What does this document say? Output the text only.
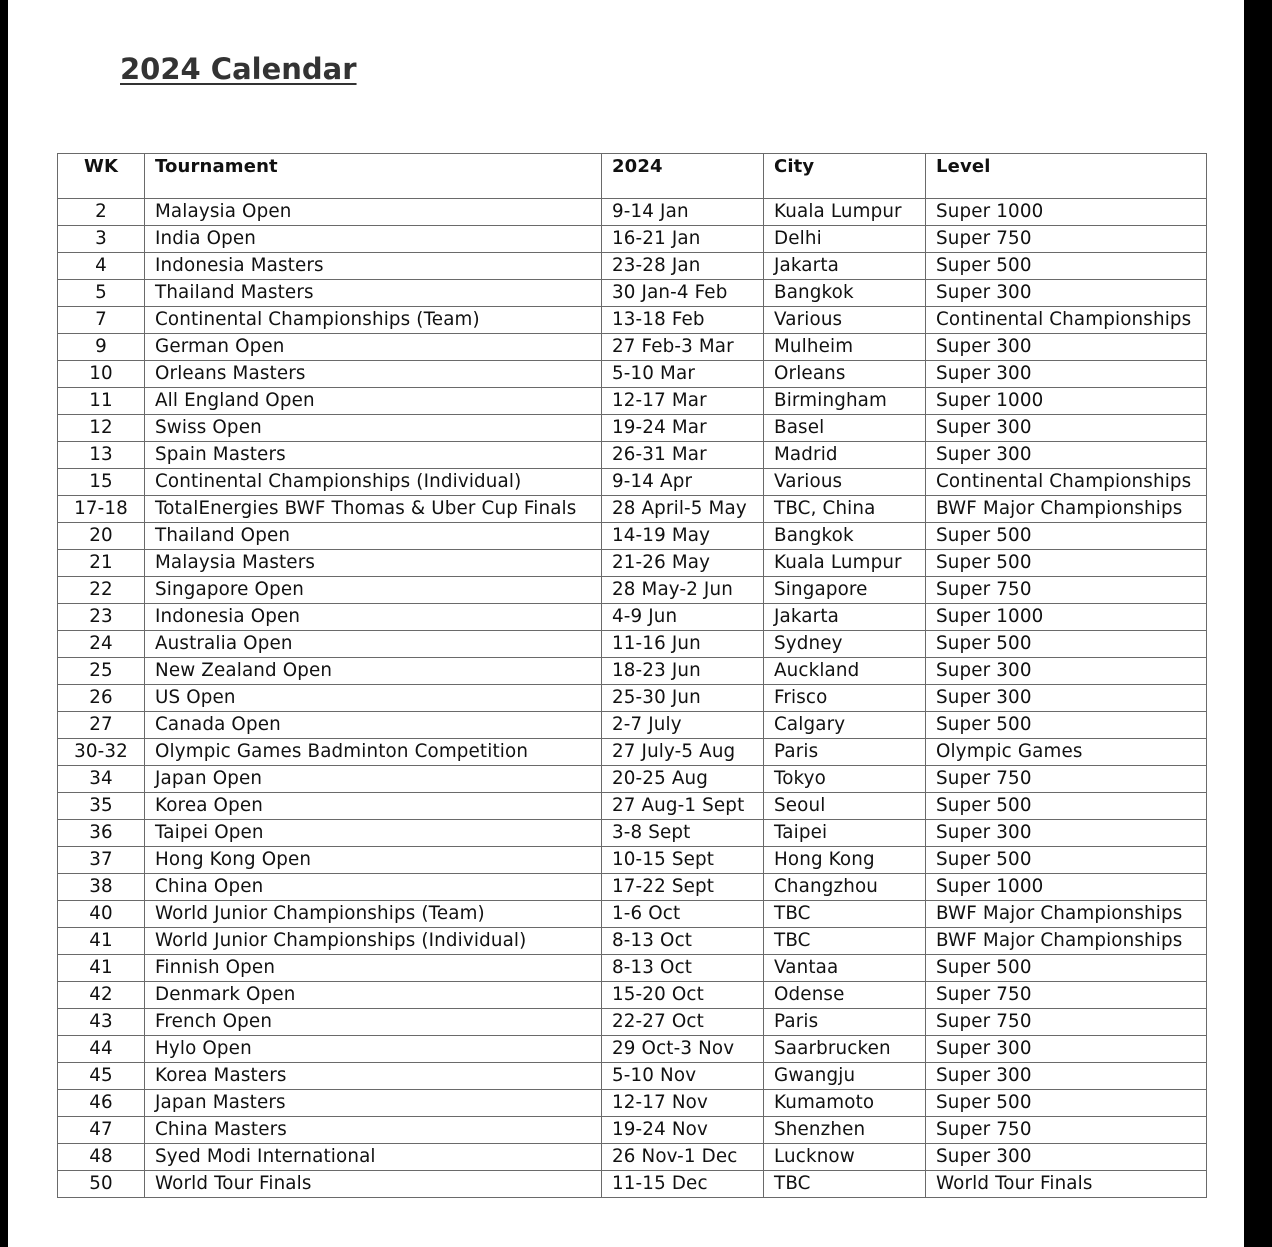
2024 Calendar
WK	Tournament	2024	City	Level
2	Malaysia Open	9-14 Jan	Kuala Lumpur	Super 1000
3	India Open	16-21 Jan	Delhi	Super 750
4	Indonesia Masters	23-28 Jan	Jakarta	Super 500
5	Thailand Masters	30 Jan-4 Feb	Bangkok	Super 300
7	Continental Championships (Team)	13-18 Feb	Various	Continental Championships
9	German Open	27 Feb-3 Mar	Mulheim	Super 300
10	Orleans Masters	5-10 Mar	Orleans	Super 300
11	All England Open	12-17 Mar	Birmingham	Super 1000
12	Swiss Open	19-24 Mar	Basel	Super 300
13	Spain Masters	26-31 Mar	Madrid	Super 300
15	Continental Championships (Individual)	9-14 Apr	Various	Continental Championships
17-18	TotalEnergies BWF Thomas & Uber Cup Finals	28 April-5 May	TBC, China	BWF Major Championships
20	Thailand Open	14-19 May	Bangkok	Super 500
21	Malaysia Masters	21-26 May	Kuala Lumpur	Super 500
22	Singapore Open	28 May-2 Jun	Singapore	Super 750
23	Indonesia Open	4-9 Jun	Jakarta	Super 1000
24	Australia Open	11-16 Jun	Sydney	Super 500
25	New Zealand Open	18-23 Jun	Auckland	Super 300
26	US Open	25-30 Jun	Frisco	Super 300
27	Canada Open	2-7 July	Calgary	Super 500
30-32	Olympic Games Badminton Competition	27 July-5 Aug	Paris	Olympic Games
34	Japan Open	20-25 Aug	Tokyo	Super 750
35	Korea Open	27 Aug-1 Sept	Seoul	Super 500
36	Taipei Open	3-8 Sept	Taipei	Super 300
37	Hong Kong Open	10-15 Sept	Hong Kong	Super 500
38	China Open	17-22 Sept	Changzhou	Super 1000
40	World Junior Championships (Team)	1-6 Oct	TBC	BWF Major Championships
41	World Junior Championships (Individual)	8-13 Oct	TBC	BWF Major Championships
41	Finnish Open	8-13 Oct	Vantaa	Super 500
42	Denmark Open	15-20 Oct	Odense	Super 750
43	French Open	22-27 Oct	Paris	Super 750
44	Hylo Open	29 Oct-3 Nov	Saarbrucken	Super 300
45	Korea Masters	5-10 Nov	Gwangju	Super 300
46	Japan Masters	12-17 Nov	Kumamoto	Super 500
47	China Masters	19-24 Nov	Shenzhen	Super 750
48	Syed Modi International	26 Nov-1 Dec	Lucknow	Super 300
50	World Tour Finals	11-15 Dec	TBC	World Tour Finals
